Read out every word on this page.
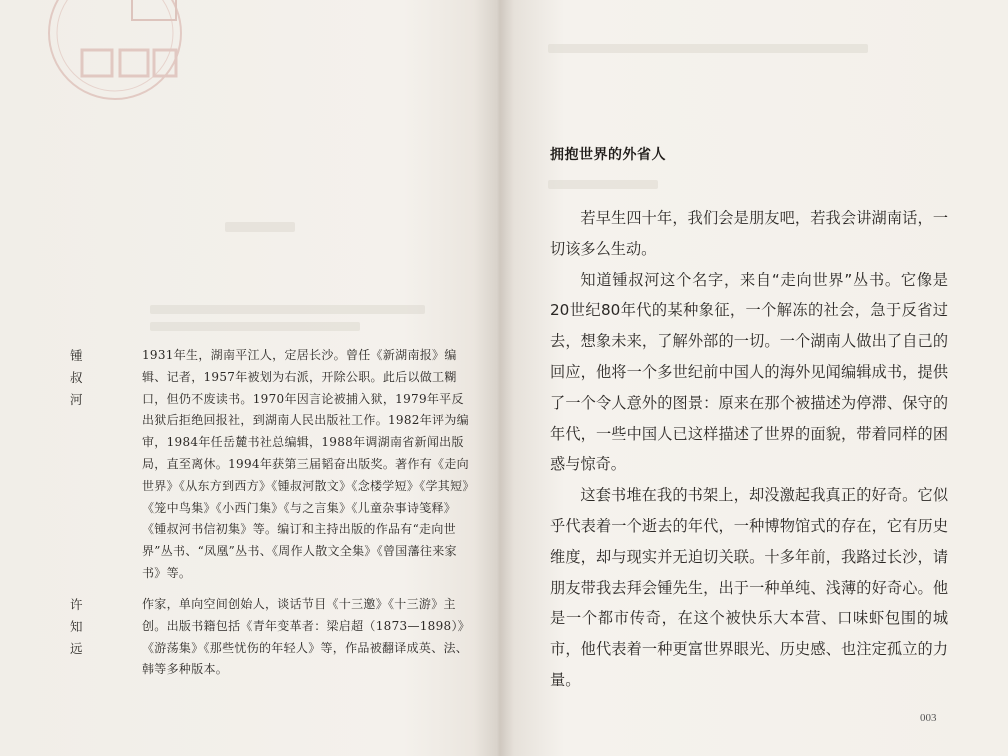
锺叔河
1931年生，湖南平江人，定居长沙。曾任《新湖南报》编辑、记者，1957年被划为右派，开除公职。此后以做工糊口，但仍不废读书。1970年因言论被捕入狱，1979年平反出狱后拒绝回报社，到湖南人民出版社工作。1982年评为编审，1984年任岳麓书社总编辑，1988年调湖南省新闻出版局，直至离休。1994年获第三届韬奋出版奖。著作有《走向世界》《从东方到西方》《锺叔河散文》《念楼学短》《学其短》《笼中鸟集》《小西门集》《与之言集》《儿童杂事诗笺释》《锺叔河书信初集》等。编订和主持出版的作品有“走向世界”丛书、“凤凰”丛书、《周作人散文全集》《曾国藩往来家书》等。
许知远
作家，单向空间创始人，谈话节目《十三邀》《十三游》主创。出版书籍包括《青年变革者：梁启超（1873—1898）》《游荡集》《那些忧伤的年轻人》等，作品被翻译成英、法、韩等多种版本。
拥抱世界的外省人

若早生四十年，我们会是朋友吧，若我会讲湖南话，一切该多么生动。

知道锺叔河这个名字，来自“走向世界”丛书。它像是20世纪80年代的某种象征，一个解冻的社会，急于反省过去，想象未来，了解外部的一切。一个湖南人做出了自己的回应，他将一个多世纪前中国人的海外见闻编辑成书，提供了一个令人意外的图景：原来在那个被描述为停滞、保守的年代，一些中国人已这样描述了世界的面貌，带着同样的困惑与惊奇。

这套书堆在我的书架上，却没激起我真正的好奇。它似乎代表着一个逝去的年代，一种博物馆式的存在，它有历史维度，却与现实并无迫切关联。十多年前，我路过长沙，请朋友带我去拜会锺先生，出于一种单纯、浅薄的好奇心。他是一个都市传奇，在这个被快乐大本营、口味虾包围的城市，他代表着一种更富世界眼光、历史感、也注定孤立的力量。

003
